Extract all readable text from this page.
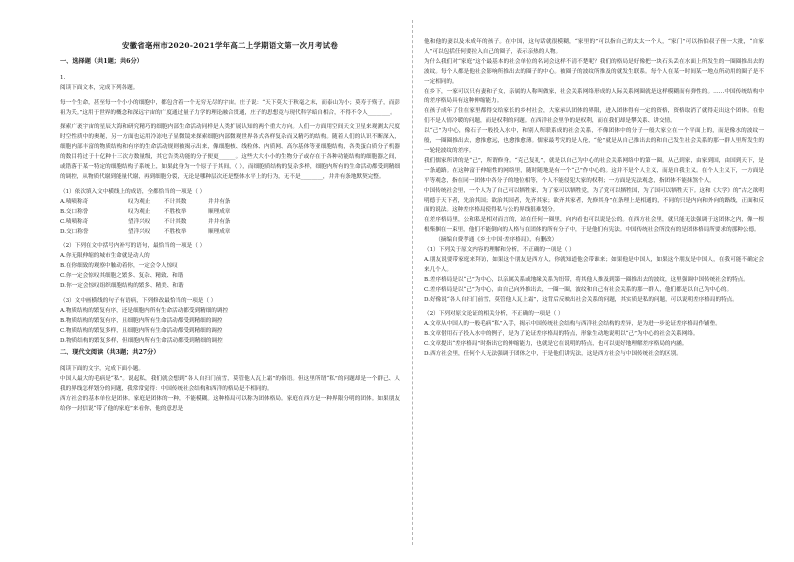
安徽省亳州市2020-2021学年高二上学期语文第一次月考试卷
一、选择题（共1题；共6分）

1.

阅读下面文本，完成下列各题。

每一个生命，甚至每一个小小的细胞中，都包含着一个无穷无尽的宇宙。庄子说：“天下莫大于秋毫之末，而泰山为小；莫寿于殇子，而彭祖为夭。”这用于世界的概念和深远宇宙的广度通过量子力学的理论融合贯通，庄子的思想竟与现代科学暗自相合，不得不令人________。

探索广袤宇宙的星辰大海和研究精巧的细胞内部生命活动同样是人类扩展认知的两个重大方向。人们一方面用空间天文卫星来观测太尺度时空性质中的奥秘，另一方面也运用冷冻电子显微镜来探索细胞内部微观世界各式各样复杂而又精巧的结构。随着人们的认识不断深入，细胞内部丰富的物质结构和有序的生命活动规则被揭示出来，像细胞核、线粒体、内质网、高尔基体等亚细胞结构，各类蛋白质分子机器的数目将过于十亿种十三次方数量级，其它告类功能的分子便更______。这些大大小小的生物分子或存在于各种功能结构的细胞器之间，或错落于某一特定的细胞结构子系统上，如果此身为一个原子于其间，（ ），而细胞质结构的复杂多样，细胞内所有的生命活动都受到精细的调控，从物质代谢到能量代谢，再到细胞分裂，无论是哪种层次还是整体水平上的行为，无不是________，井井有条地默契完整。

（1）依次填入文中横线上的成语，全都恰当的一项是（ ）

A.啧啧称奇	叹为观止	不计其数	井井有条
B.交口称誉	叹为观止	不胜枚举	顺理成章
C.啧啧称奇	望洋兴叹	不计其数	井井有条
D.交口称誉	望洋兴叹	不胜枚举	顺理成章

（2）下列在文中括号内补写的语句，最恰当的一项是（ ）

A.你无限伸缩的城市生命就是动人的

B.在你细致的观察中触动着你，一定会令人惊叹

C.你一定会惊叹其细胞之繁多、复杂、精致、和谐

D.你一定会惊叹组织细胞结构的繁多、精美、和谐

（3）文中画横线的句子有语病，下列修改最恰当的一项是（ ）

A.物质结构的繁复有序，还是细胞内所有生命活动都受到精细的调控

B.物质结构的繁复有序，且细胞内所有生命活动都受到精细的调控

C.物质结构的繁复多样，且细胞内所有生命活动都受到精细的调控

D.物质结构的繁复多样，但细胞内所有生命活动都受到精细的调控

二、现代文阅读（共3题；共27分）

阅读下面的文字，完成下面小题。

中国人最大的毛病是“私”。说起私，我们就会想到“各人自扫门前雪，莫管他人瓦上霜”的俗语。但这里所谓“私”的问题却是一个群己、人我的界线怎样划分的问题，我常常觉得：中国传统社会结构和西洋的格局是不相同的。

西方社会的基本单位是团体。家庭是团体的一种，不能模糊。这种格局可以称为团体格局。家庭在西方是一种界限分明的团体。如果朋友给你一封信说“带了他的家庭”来看你，他的意思是

他和他的妻以及未成年的孩子。在中国，这句话就很模糊，“家里的”可以指自己的太太一个人，“家门”可以指伯叔子侄一大批，“自家人”可以包括任何要拉入自己的圈子，表示亲热的人物。

为什么我们对“家庭”这个最基本的社会单位的名词会这样不清不楚呢？我们的格局是好像把一块石头丢在水面上所发生的一圈圈推出去的波纹。每个人都是他社会影响所推出去的圈子的中心。被圈子的波纹所推及的就发生联系。每个人在某一时间某一地点所动用的圈子是不一定相同的。

在乡下，一家可以只有妻和子女，亲属的人称叫做家，社会关系网络形成的人际关系网圈就是这样模糊而有弹性的。……中国传统结构中的差序格局具有这种伸缩能力。

在孩子成年了住在家里都得交给家长的乡村社会，大家承认团体的界限，进入团体得有一定的资格，资格取消了就得走出这个团体。在他们不是人情冷暖的问题，而是权利的问题。在西洋社会里争的是权利，而在我们却是攀关系、讲交情。

以“己”为中心，像石子一般投入水中，和别人所联系成的社会关系，不像团体中的分子一般大家立在一个平面上的，而是像水的波纹一般，一圈圈推出去，愈推愈远，也愈推愈薄。儒家最考究的是人伦，“伦”就是从自己推出去的和自己发生社会关系的那一群人里所发生的一轮轮波纹的差序。

我们儒家所讲的是“己”，所谓修身，“克己复礼”，就是以自己为中心的社会关系网络中的第一圈。从己到家，由家到国，由国到天下，是一条通路。在这种富于伸缩性的网络里，随时随地是有一个“己”作中心的。这并不是个人主义，而是自我主义。在个人主义下，一方面是平等观念，指在同一团体中各分子的地位相等，个人不能侵犯大家的权利；一方面是宪法观念，指团体不能抹煞个人。

中国传统社会里，一个人为了自己可以牺牲家，为了家可以牺牲党，为了党可以牺牲国，为了国可以牺牲天下。这和《大学》的“古之欲明明德于天下者，先治其国；欲治其国者，先齐其家；欲齐其家者，先修其身”在条理上是相通的，不同的只是内向和外向的路线，正面和反面的说法。这种差序格局使得私与公的界线很难划分。

在差序格局里，公和私是相对而言的，站在任何一圈里，向内看也可以说是公的。在西方社会里，就只能无法强调于这团体之内，像一根根柴捆在一束里，他们不能倒向的人格与在团体的所有分子中，于是他们有宪法。中国传统社会所没有的是团体格局所要求的那种公德。

（摘编自费孝通《乡土中国·差序格局》，有删改）

（1）下列关于原文内容的理解和分析，不正确的一项是（ ）

A.朋友说要带家庭来拜访，如果这个朋友是西方人，你就知道他会带谁来；如果他是中国人，如果这个朋友是中国人，在我可能不确定会来几个人。

B.差序格局是以“己”为中心，以亲属关系或地缘关系为纽带，将其他人推及到第一圈推出去的波纹，这里强调中国传统社会的特点。

C.差序格局是以“己”为中心，由自己向外推出去，一圈一圈，波纹和自己有社会关系的那一群人，他们都是以自己为中心的。

D.好像说“各人自扫门前雪，莫管他人瓦上霜”，这背后反映出社会关系的问题，其实质是私的问题，可以说明差序格局的特点。

（2）下列对原文论证的相关分析，不正确的一项是（ ）

A.文章从中国人的一般毛病“私”入手，揭示中国传统社会结构与西洋社会结构的差异，是为进一步论证差序格局作铺垫。

B.文章借用石子投入水中的例子，是为了论证差序格局的特点，形象生动地说明以“己”为中心的社会关系网络。

C.文章提出“差序格局”时指出它的伸缩能力，也就是它在说明的特点，也可以更好地理解差序格局的内涵。

D.西方社会里，任何个人无法强调于团体之中，于是他们讲宪法，这是西方社会与中国传统社会的区别。
